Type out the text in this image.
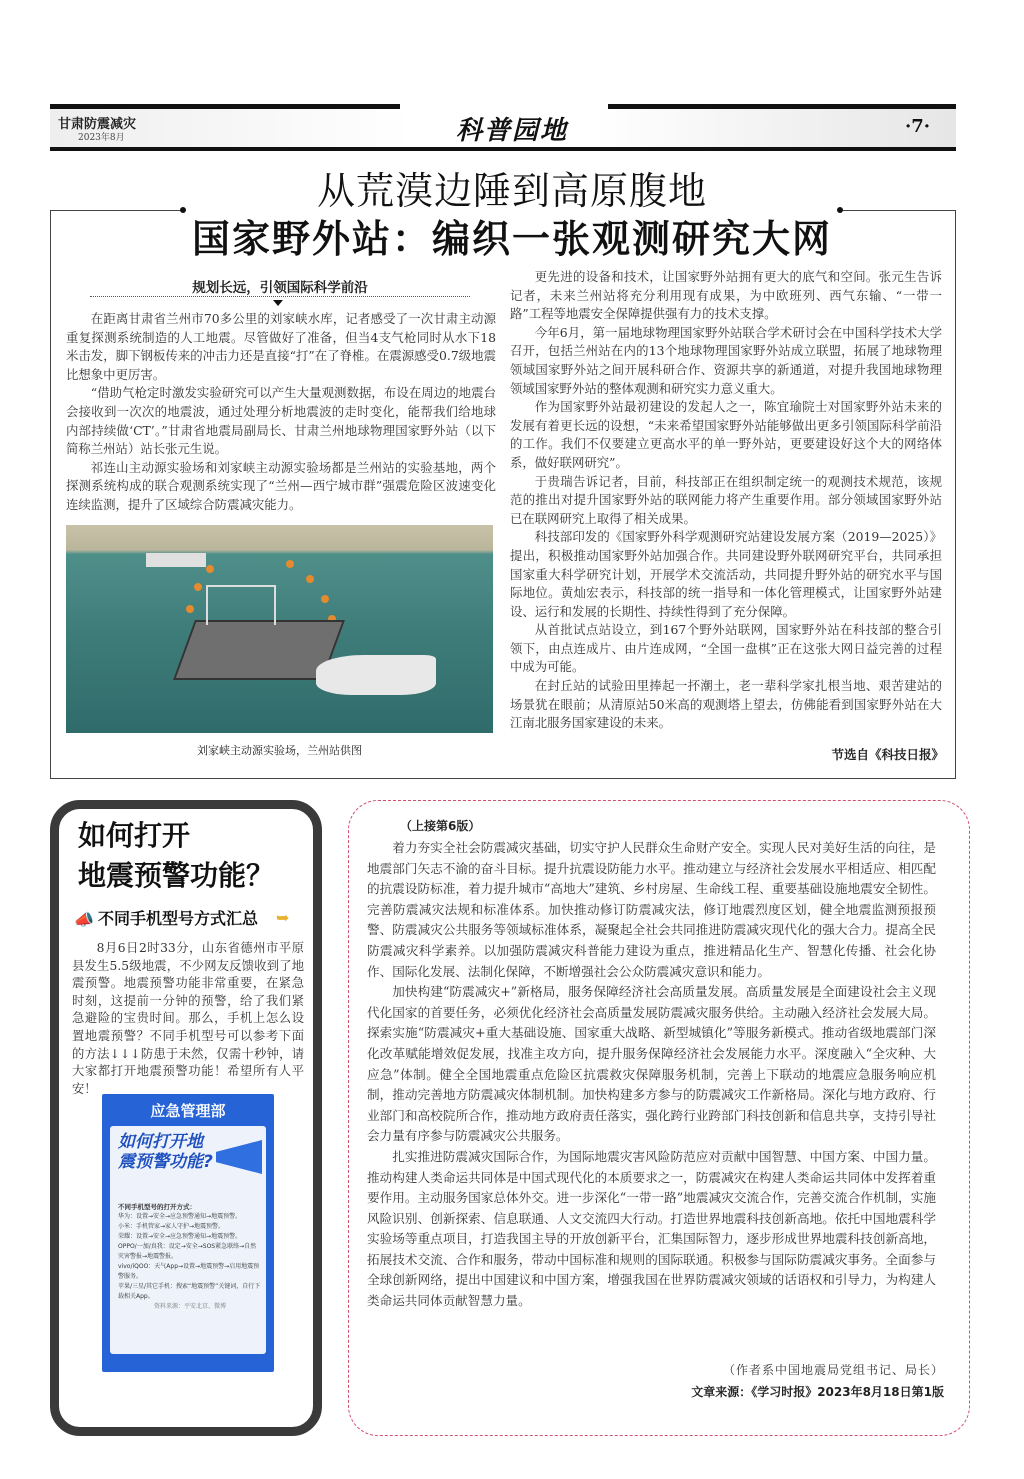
甘肃防震减灾
2023年8月	科普园地	·7·
从荒漠边陲到高原腹地
国家野外站：编织一张观测研究大网
规划长远，引领国际科学前沿

在距离甘肃省兰州市70多公里的刘家峡水库，记者感受了一次甘肃主动源重复探测系统制造的人工地震。尽管做好了准备，但当4支气枪同时从水下18米击发，脚下钢板传来的冲击力还是直接“打”在了脊椎。在震源感受0.7级地震比想象中更厉害。

“借助气枪定时激发实验研究可以产生大量观测数据，布设在周边的地震台会接收到一次次的地震波，通过处理分析地震波的走时变化，能帮我们给地球内部持续做‘CT’。”甘肃省地震局副局长、甘肃兰州地球物理国家野外站（以下简称兰州站）站长张元生说。

祁连山主动源实验场和刘家峡主动源实验场都是兰州站的实验基地，两个探测系统构成的联合观测系统实现了“兰州—西宁城市群”强震危险区波速变化连续监测，提升了区域综合防震减灾能力。

刘家峡主动源实验场，兰州站供图

更先进的设备和技术，让国家野外站拥有更大的底气和空间。张元生告诉记者，未来兰州站将充分利用现有成果，为中欧班列、西气东输、“一带一路”工程等地震安全保障提供强有力的技术支撑。

今年6月，第一届地球物理国家野外站联合学术研讨会在中国科学技术大学召开，包括兰州站在内的13个地球物理国家野外站成立联盟，拓展了地球物理领域国家野外站之间开展科研合作、资源共享的新通道，对提升我国地球物理领域国家野外站的整体观测和研究实力意义重大。

作为国家野外站最初建设的发起人之一，陈宜瑜院士对国家野外站未来的发展有着更长远的设想，“未来希望国家野外站能够做出更多引领国际科学前沿的工作。我们不仅要建立更高水平的单一野外站，更要建设好这个大的网络体系，做好联网研究”。

于贵瑞告诉记者，目前，科技部正在组织制定统一的观测技术规范，该规范的推出对提升国家野外站的联网能力将产生重要作用。部分领域国家野外站已在联网研究上取得了相关成果。

科技部印发的《国家野外科学观测研究站建设发展方案（2019—2025）》提出，积极推动国家野外站加强合作。共同建设野外联网研究平台，共同承担国家重大科学研究计划，开展学术交流活动，共同提升野外站的研究水平与国际地位。黄灿宏表示，科技部的统一指导和一体化管理模式，让国家野外站建设、运行和发展的长期性、持续性得到了充分保障。

从首批试点站设立，到167个野外站联网，国家野外站在科技部的整合引领下，由点连成片、由片连成网，“全国一盘棋”正在这张大网日益完善的过程中成为可能。

在封丘站的试验田里捧起一抔潮土，老一辈科学家扎根当地、艰苦建站的场景犹在眼前；从清原站50米高的观测塔上望去，仿佛能看到国家野外站在大江南北服务国家建设的未来。

节选自《科技日报》
如何打开
地震预警功能？
📣 不同手机型号方式汇总	➥

8月6日2时33分，山东省德州市平原县发生5.5级地震，不少网友反馈收到了地震预警。地震预警功能非常重要，在紧急时刻，这提前一分钟的预警，给了我们紧急避险的宝贵时间。那么，手机上怎么设置地震预警？不同手机型号可以参考下面的方法↓↓↓防患于未然，仅需十秒钟，请大家都打开地震预警功能！希望所有人平安！

应急管理部
如何打开地震预警功能?
不同手机型号的打开方式：
华为：设置→安全→应急预警通知→地震预警。
小米：手机管家→家人守护→地震预警。
荣耀：设置→安全→应急预警通知→地震预警。
OPPO/一加/真我：设定→安全→SOS紧急联络→自然灾害警报→地震警报。
vivo/iQOO：天气App→设置→地震预警→启用地震预警服务。
苹果/三星/其它手机：搜索“地震预警”关键词，自行下载相关App。
资料来源：平安北京、微博
（上接第6版）

着力夯实全社会防震减灾基础，切实守护人民群众生命财产安全。实现人民对美好生活的向往，是地震部门矢志不渝的奋斗目标。提升抗震设防能力水平。推动建立与经济社会发展水平相适应、相匹配的抗震设防标准，着力提升城市“高地大”建筑、乡村房屋、生命线工程、重要基础设施地震安全韧性。完善防震减灾法规和标准体系。加快推动修订防震减灾法，修订地震烈度区划，健全地震监测预报预警、防震减灾公共服务等领域标准体系，凝聚起全社会共同推进防震减灾现代化的强大合力。提高全民防震减灾科学素养。以加强防震减灾科普能力建设为重点，推进精品化生产、智慧化传播、社会化协作、国际化发展、法制化保障，不断增强社会公众防震减灾意识和能力。

加快构建“防震减灾+”新格局，服务保障经济社会高质量发展。高质量发展是全面建设社会主义现代化国家的首要任务，必须优化经济社会高质量发展防震减灾服务供给。主动融入经济社会发展大局。探索实施“防震减灾+重大基础设施、国家重大战略、新型城镇化”等服务新模式。推动省级地震部门深化改革赋能增效促发展，找准主攻方向，提升服务保障经济社会发展能力水平。深度融入“全灾种、大应急”体制。健全全国地震重点危险区抗震救灾保障服务机制，完善上下联动的地震应急服务响应机制，推动完善地方防震减灾体制机制。加快构建多方参与的防震减灾工作新格局。深化与地方政府、行业部门和高校院所合作，推动地方政府责任落实，强化跨行业跨部门科技创新和信息共享，支持引导社会力量有序参与防震减灾公共服务。

扎实推进防震减灾国际合作，为国际地震灾害风险防范应对贡献中国智慧、中国方案、中国力量。推动构建人类命运共同体是中国式现代化的本质要求之一，防震减灾在构建人类命运共同体中发挥着重要作用。主动服务国家总体外交。进一步深化“一带一路”地震减灾交流合作，完善交流合作机制，实施风险识别、创新探索、信息联通、人文交流四大行动。打造世界地震科技创新高地。依托中国地震科学实验场等重点项目，打造我国主导的开放创新平台，汇集国际智力，逐步形成世界地震科技创新高地，拓展技术交流、合作和服务，带动中国标准和规则的国际联通。积极参与国际防震减灾事务。全面参与全球创新网络，提出中国建议和中国方案，增强我国在世界防震减灾领域的话语权和引导力，为构建人类命运共同体贡献智慧力量。

（作者系中国地震局党组书记、局长）
文章来源：《学习时报》2023年8月18日第1版
